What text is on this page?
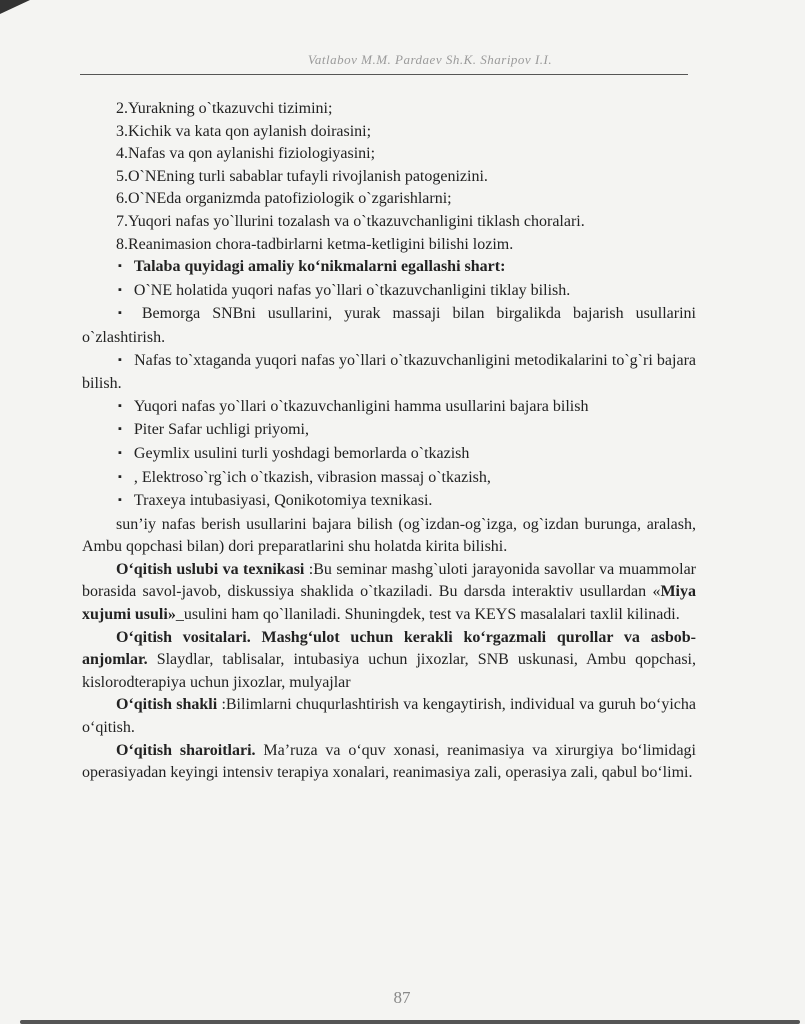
Vatlabov M.M. Pardaev Sh.K. Sharipov I.I.

2.Yurakning o`tkazuvchi tizimini;

3.Kichik va kata qon aylanish doirasini;

4.Nafas va qon aylanishi fiziologiyasini;

5.O`NEning turli sabablar tufayli rivojlanish patogenizini.

6.O`NEda organizmda patofiziologik o`zgarishlarni;

7.Yuqori nafas yo`llurini tozalash va o`tkazuvchanligini tiklash choralari.

8.Reanimasion chora-tadbirlarni ketma-ketligini bilishi lozim.

▪ Talaba quyidagi amaliy ko‘nikmalarni egallashi shart:

▪ O`NE holatida yuqori nafas yo`llari o`tkazuvchanligini tiklay bilish.

▪ Bemorga SNBni usullarini, yurak massaji bilan birgalikda bajarish usullarini o`zlashtirish.

▪ Nafas to`xtaganda yuqori nafas yo`llari o`tkazuvchanligini metodikalarini to`g`ri bajara bilish.

▪ Yuqori nafas yo`llari o`tkazuvchanligini hamma usullarini bajara bilish

▪ Piter Safar uchligi priyomi,

▪ Geymlix usulini turli yoshdagi bemorlarda o`tkazish

▪ , Elektroso`rg`ich o`tkazish, vibrasion massaj o`tkazish,

▪ Traxeya intubasiyasi, Qonikotomiya texnikasi.

sun’iy nafas berish usullarini bajara bilish (og`izdan-og`izga, og`izdan burunga, aralash, Ambu qopchasi bilan) dori preparatlarini shu holatda kirita bilishi.

O‘qitish uslubi va texnikasi :Bu seminar mashg`uloti jarayonida savollar va muammolar borasida savol-javob, diskussiya shaklida o`tkaziladi. Bu darsda interaktiv usullardan «Miya xujumi usuli»_usulini ham qo`llaniladi. Shuningdek, test va KEYS masalalari taxlil kilinadi.

O‘qitish vositalari. Mashg‘ulot uchun kerakli ko‘rgazmali qurollar va asbob-anjomlar. Slaydlar, tablisalar, intubasiya uchun jixozlar, SNB uskunasi, Ambu qopchasi, kislorodterapiya uchun jixozlar, mulyajlar

O‘qitish shakli :Bilimlarni chuqurlashtirish va kengaytirish, individual va guruh bo‘yicha o‘qitish.

O‘qitish sharoitlari. Ma’ruza va o‘quv xonasi, reanimasiya va xirurgiya bo‘limidagi operasiyadan keyingi intensiv terapiya xonalari, reanimasiya zali, operasiya zali, qabul bo‘limi.

87
